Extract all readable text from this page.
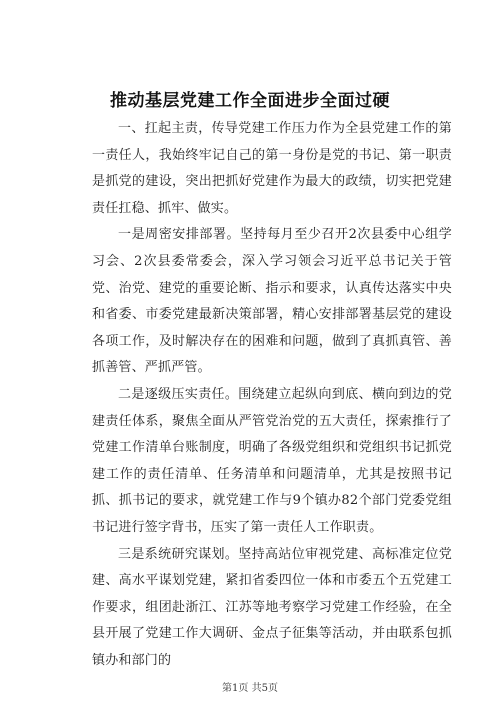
推动基层党建工作全面进步全面过硬

一、扛起主责，传导党建工作压力作为全县党建工作的第一责任人，我始终牢记自己的第一身份是党的书记、第一职责是抓党的建设，突出把抓好党建作为最大的政绩，切实把党建责任扛稳、抓牢、做实。

一是周密安排部署。坚持每月至少召开2次县委中心组学习会、2次县委常委会，深入学习领会习近平总书记关于管党、治党、建党的重要论断、指示和要求，认真传达落实中央和省委、市委党建最新决策部署，精心安排部署基层党的建设各项工作，及时解决存在的困难和问题，做到了真抓真管、善抓善管、严抓严管。

二是逐级压实责任。围绕建立起纵向到底、横向到边的党建责任体系，聚焦全面从严管党治党的五大责任，探索推行了党建工作清单台账制度，明确了各级党组织和党组织书记抓党建工作的责任清单、任务清单和问题清单，尤其是按照书记抓、抓书记的要求，就党建工作与9个镇办82个部门党委党组书记进行签字背书，压实了第一责任人工作职责。

三是系统研究谋划。坚持高站位审视党建、高标准定位党建、高水平谋划党建，紧扣省委四位一体和市委五个五党建工作要求，组团赴浙江、江苏等地考察学习党建工作经验，在全县开展了党建工作大调研、金点子征集等活动，并由联系包抓镇办和部门的

第1页 共5页
